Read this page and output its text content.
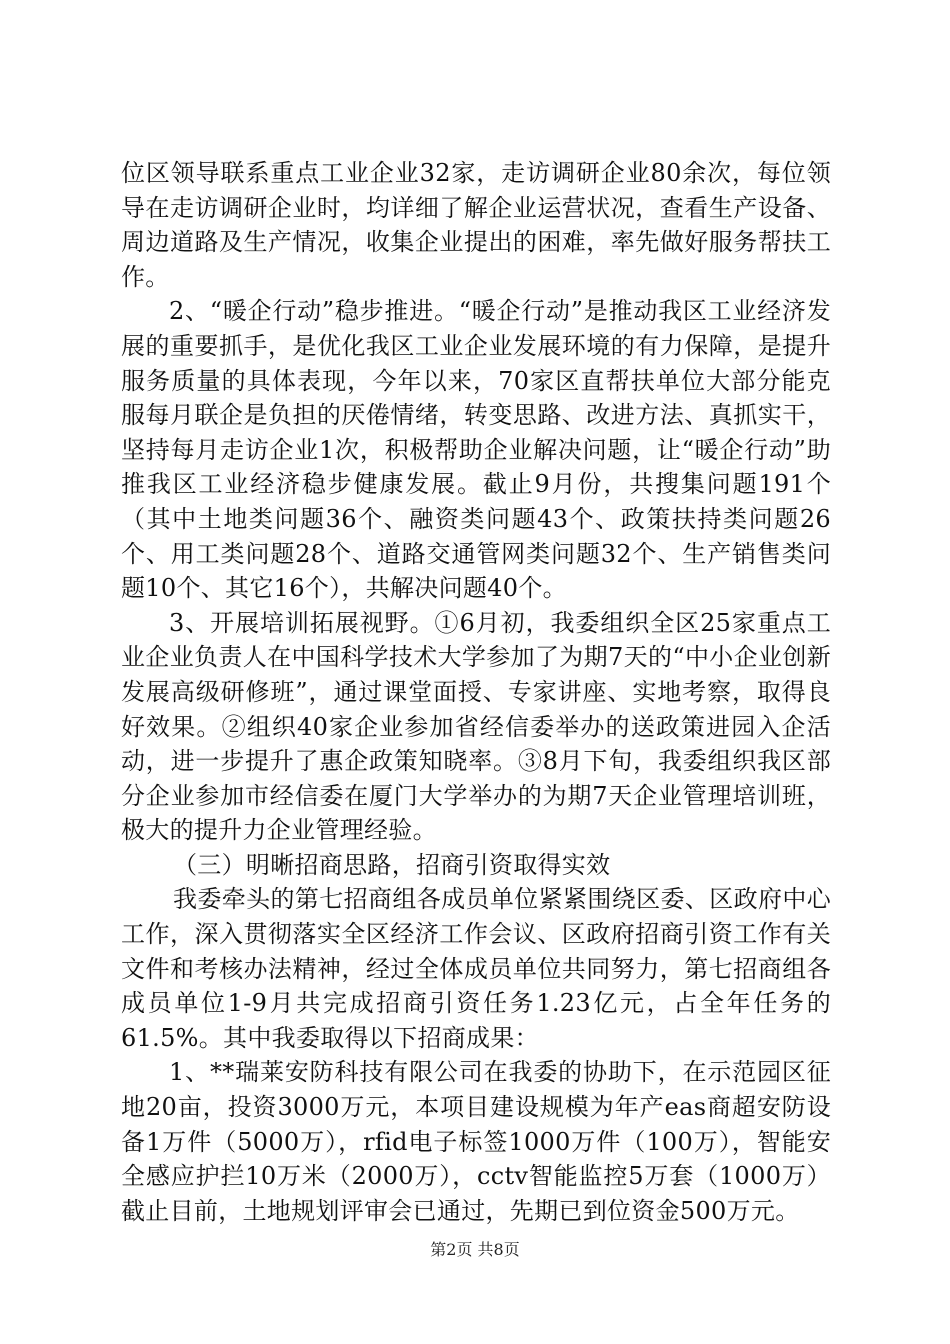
位区领导联系重点工业企业32家，走访调研企业80余次，每位领导在走访调研企业时，均详细了解企业运营状况，查看生产设备、周边道路及生产情况，收集企业提出的困难，率先做好服务帮扶工作。

2、“暖企行动”稳步推进。“暖企行动”是推动我区工业经济发展的重要抓手，是优化我区工业企业发展环境的有力保障，是提升服务质量的具体表现，今年以来，70家区直帮扶单位大部分能克服每月联企是负担的厌倦情绪，转变思路、改进方法、真抓实干，坚持每月走访企业1次，积极帮助企业解决问题，让“暖企行动”助推我区工业经济稳步健康发展。截止9月份，共搜集问题191个（其中土地类问题36个、融资类问题43个、政策扶持类问题26个、用工类问题28个、道路交通管网类问题32个、生产销售类问题10个、其它16个），共解决问题40个。

3、开展培训拓展视野。①6月初，我委组织全区25家重点工业企业负责人在中国科学技术大学参加了为期7天的“中小企业创新发展高级研修班”，通过课堂面授、专家讲座、实地考察，取得良好效果。②组织40家企业参加省经信委举办的送政策进园入企活动，进一步提升了惠企政策知晓率。③8月下旬，我委组织我区部分企业参加市经信委在厦门大学举办的为期7天企业管理培训班，极大的提升力企业管理经验。

（三）明晰招商思路，招商引资取得实效

我委牵头的第七招商组各成员单位紧紧围绕区委、区政府中心工作，深入贯彻落实全区经济工作会议、区政府招商引资工作有关文件和考核办法精神，经过全体成员单位共同努力，第七招商组各成员单位1-9月共完成招商引资任务1.23亿元，占全年任务的61.5%。其中我委取得以下招商成果：

1、**瑞莱安防科技有限公司在我委的协助下，在示范园区征地20亩，投资3000万元，本项目建设规模为年产eas商超安防设备1万件（5000万），rfid电子标签1000万件（100万），智能安全感应护拦10万米（2000万），cctv智能监控5万套（1000万）截止目前，土地规划评审会已通过，先期已到位资金500万元。

第2页 共8页
